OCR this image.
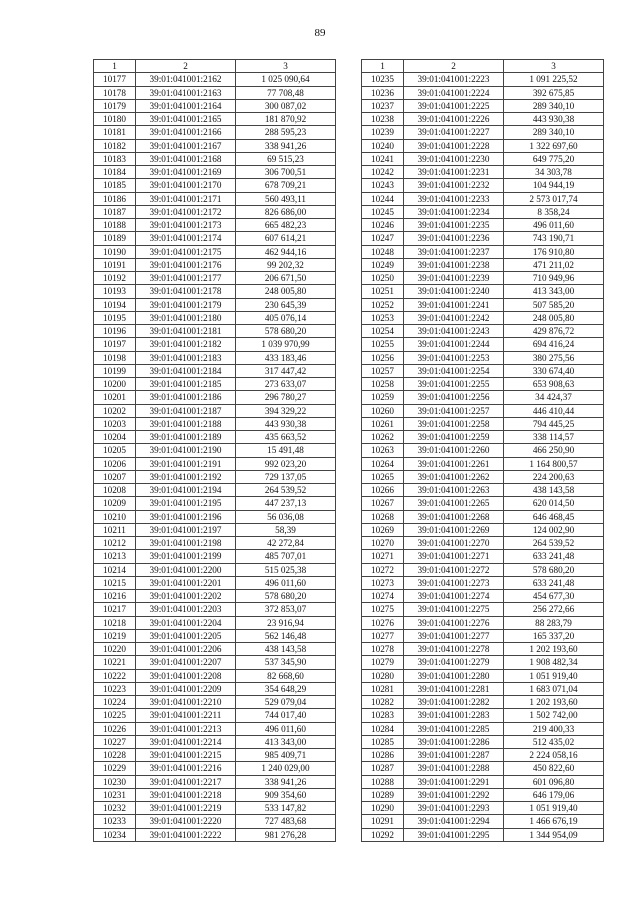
89
1	2	3
10177	39:01:041001:2162	1 025 090,64
10178	39:01:041001:2163	77 708,48
10179	39:01:041001:2164	300 087,02
10180	39:01:041001:2165	181 870,92
10181	39:01:041001:2166	288 595,23
10182	39:01:041001:2167	338 941,26
10183	39:01:041001:2168	69 515,23
10184	39:01:041001:2169	306 700,51
10185	39:01:041001:2170	678 709,21
10186	39:01:041001:2171	560 493,11
10187	39:01:041001:2172	826 686,00
10188	39:01:041001:2173	665 482,23
10189	39:01:041001:2174	607 614,21
10190	39:01:041001:2175	462 944,16
10191	39:01:041001:2176	99 202,32
10192	39:01:041001:2177	206 671,50
10193	39:01:041001:2178	248 005,80
10194	39:01:041001:2179	230 645,39
10195	39:01:041001:2180	405 076,14
10196	39:01:041001:2181	578 680,20
10197	39:01:041001:2182	1 039 970,99
10198	39:01:041001:2183	433 183,46
10199	39:01:041001:2184	317 447,42
10200	39:01:041001:2185	273 633,07
10201	39:01:041001:2186	296 780,27
10202	39:01:041001:2187	394 329,22
10203	39:01:041001:2188	443 930,38
10204	39:01:041001:2189	435 663,52
10205	39:01:041001:2190	15 491,48
10206	39:01:041001:2191	992 023,20
10207	39:01:041001:2192	729 137,05
10208	39:01:041001:2194	264 539,52
10209	39:01:041001:2195	447 237,13
10210	39:01:041001:2196	56 036,08
10211	39:01:041001:2197	58,39
10212	39:01:041001:2198	42 272,84
10213	39:01:041001:2199	485 707,01
10214	39:01:041001:2200	515 025,38
10215	39:01:041001:2201	496 011,60
10216	39:01:041001:2202	578 680,20
10217	39:01:041001:2203	372 853,07
10218	39:01:041001:2204	23 916,94
10219	39:01:041001:2205	562 146,48
10220	39:01:041001:2206	438 143,58
10221	39:01:041001:2207	537 345,90
10222	39:01:041001:2208	82 668,60
10223	39:01:041001:2209	354 648,29
10224	39:01:041001:2210	529 079,04
10225	39:01:041001:2211	744 017,40
10226	39:01:041001:2213	496 011,60
10227	39:01:041001:2214	413 343,00
10228	39:01:041001:2215	985 409,71
10229	39:01:041001:2216	1 240 029,00
10230	39:01:041001:2217	338 941,26
10231	39:01:041001:2218	909 354,60
10232	39:01:041001:2219	533 147,82
10233	39:01:041001:2220	727 483,68
10234	39:01:041001:2222	981 276,28
1	2	3
10235	39:01:041001:2223	1 091 225,52
10236	39:01:041001:2224	392 675,85
10237	39:01:041001:2225	289 340,10
10238	39:01:041001:2226	443 930,38
10239	39:01:041001:2227	289 340,10
10240	39:01:041001:2228	1 322 697,60
10241	39:01:041001:2230	649 775,20
10242	39:01:041001:2231	34 303,78
10243	39:01:041001:2232	104 944,19
10244	39:01:041001:2233	2 573 017,74
10245	39:01:041001:2234	8 358,24
10246	39:01:041001:2235	496 011,60
10247	39:01:041001:2236	743 190,71
10248	39:01:041001:2237	176 910,80
10249	39:01:041001:2238	471 211,02
10250	39:01:041001:2239	710 949,96
10251	39:01:041001:2240	413 343,00
10252	39:01:041001:2241	507 585,20
10253	39:01:041001:2242	248 005,80
10254	39:01:041001:2243	429 876,72
10255	39:01:041001:2244	694 416,24
10256	39:01:041001:2253	380 275,56
10257	39:01:041001:2254	330 674,40
10258	39:01:041001:2255	653 908,63
10259	39:01:041001:2256	34 424,37
10260	39:01:041001:2257	446 410,44
10261	39:01:041001:2258	794 445,25
10262	39:01:041001:2259	338 114,57
10263	39:01:041001:2260	466 250,90
10264	39:01:041001:2261	1 164 800,57
10265	39:01:041001:2262	224 200,63
10266	39:01:041001:2263	438 143,58
10267	39:01:041001:2265	620 014,50
10268	39:01:041001:2268	646 468,45
10269	39:01:041001:2269	124 002,90
10270	39:01:041001:2270	264 539,52
10271	39:01:041001:2271	633 241,48
10272	39:01:041001:2272	578 680,20
10273	39:01:041001:2273	633 241,48
10274	39:01:041001:2274	454 677,30
10275	39:01:041001:2275	256 272,66
10276	39:01:041001:2276	88 283,79
10277	39:01:041001:2277	165 337,20
10278	39:01:041001:2278	1 202 193,60
10279	39:01:041001:2279	1 908 482,34
10280	39:01:041001:2280	1 051 919,40
10281	39:01:041001:2281	1 683 071,04
10282	39:01:041001:2282	1 202 193,60
10283	39:01:041001:2283	1 502 742,00
10284	39:01:041001:2285	219 400,33
10285	39:01:041001:2286	512 435,02
10286	39:01:041001:2287	2 224 058,16
10287	39:01:041001:2288	450 822,60
10288	39:01:041001:2291	601 096,80
10289	39:01:041001:2292	646 179,06
10290	39:01:041001:2293	1 051 919,40
10291	39:01:041001:2294	1 466 676,19
10292	39:01:041001:2295	1 344 954,09
